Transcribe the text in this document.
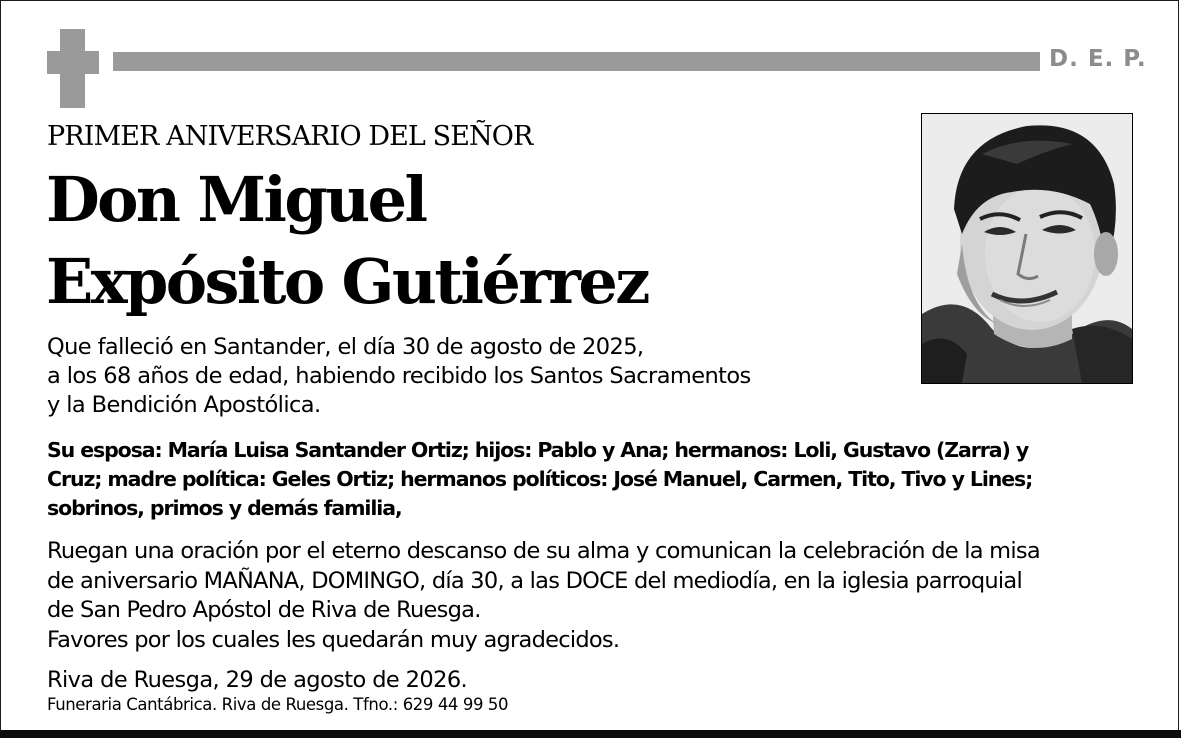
D. E. P.
PRIMER ANIVERSARIO DEL SEÑOR
Don Miguel
Expósito Gutiérrez
Que falleció en Santander, el día 30 de agosto de 2025,
a los 68 años de edad, habiendo recibido los Santos Sacramentos
y la Bendición Apostólica.
Su esposa: María Luisa Santander Ortiz; hijos: Pablo y Ana; hermanos: Loli, Gustavo (Zarra) y
Cruz; madre política: Geles Ortiz; hermanos políticos: José Manuel, Carmen, Tito, Tivo y Lines;
sobrinos, primos y demás familia,
Ruegan una oración por el eterno descanso de su alma y comunican la celebración de la misa
de aniversario MAÑANA, DOMINGO, día 30, a las DOCE del mediodía, en la iglesia parroquial
de San Pedro Apóstol de Riva de Ruesga.
Favores por los cuales les quedarán muy agradecidos.
Riva de Ruesga, 29 de agosto de 2026.
Funeraria Cantábrica. Riva de Ruesga. Tfno.: 629 44 99 50
